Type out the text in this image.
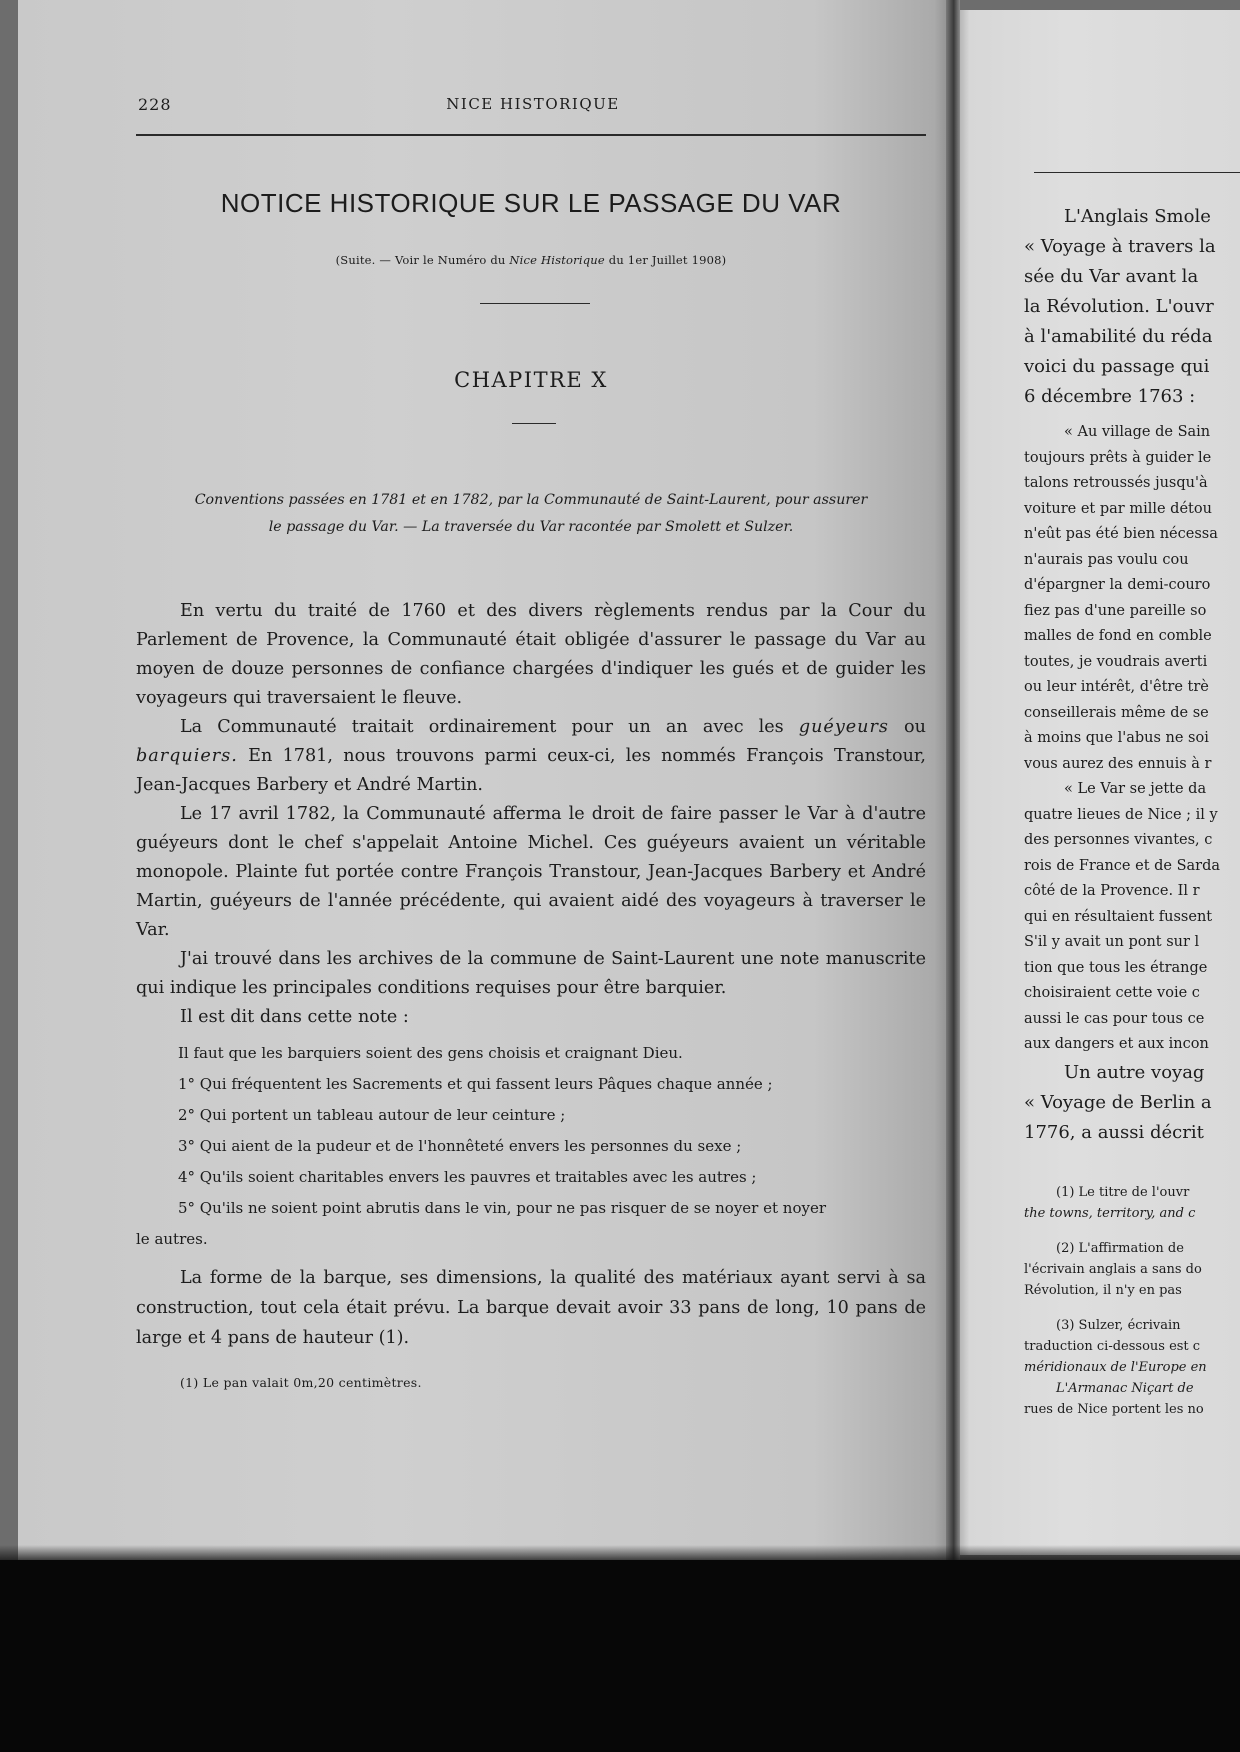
L'Anglais Smole
« Voyage à travers la
sée du Var avant la
la Révolution. L'ouvr
à l'amabilité du réda
voici du passage qui
6 décembre 1763 :
« Au village de Sain
toujours prêts à guider le
talons retroussés jusqu'à
voiture et par mille détou
n'eût pas été bien nécessa
n'aurais pas voulu cou
d'épargner la demi-couro
fiez pas d'une pareille so
malles de fond en comble
toutes, je voudrais averti
ou leur intérêt, d'être trè
conseillerais même de se
à moins que l'abus ne soi
vous aurez des ennuis à r
« Le Var se jette da
quatre lieues de Nice ; il y
des personnes vivantes, c
rois de France et de Sarda
côté de la Provence. Il r
qui en résultaient fussent
S'il y avait un pont sur l
tion que tous les étrange
choisiraient cette voie c
aussi le cas pour tous ce
aux dangers et aux incon
Un autre voyag
« Voyage de Berlin a
1776, a aussi décrit
(1) Le titre de l'ouvr
the towns, territory, and c
(2) L'affirmation de
l'écrivain anglais a sans do
Révolution, il n'y en pas
(3) Sulzer, écrivain
traduction ci-dessous est c
méridionaux de l'Europe en
L'Armanac Niçart de
rues de Nice portent les no
228	NICE HISTORIQUE
NOTICE HISTORIQUE SUR LE PASSAGE DU VAR
(Suite. — Voir le Numéro du Nice Historique du 1er Juillet 1908)
CHAPITRE X
Conventions passées en 1781 et en 1782, par la Communauté de Saint-Laurent, pour assurer
le passage du Var. — La traversée du Var racontée par Smolett et Sulzer.

En vertu du traité de 1760 et des divers règlements rendus par la Cour du Parlement de Provence, la Communauté était obligée d'assurer le passage du Var au moyen de douze personnes de confiance chargées d'indiquer les gués et de guider les voyageurs qui traversaient le fleuve.

La Communauté traitait ordinairement pour un an avec les guéyeurs ou barquiers. En 1781, nous trouvons parmi ceux-ci, les nommés François Transtour, Jean-Jacques Barbery et André Martin.

Le 17 avril 1782, la Communauté afferma le droit de faire passer le Var à d'autre guéyeurs dont le chef s'appelait Antoine Michel. Ces guéyeurs avaient un véritable monopole. Plainte fut portée contre François Transtour, Jean-Jacques Barbery et André Martin, guéyeurs de l'année précédente, qui avaient aidé des voyageurs à traverser le Var.

J'ai trouvé dans les archives de la commune de Saint-Laurent une note manuscrite qui indique les principales conditions requises pour être barquier.

Il est dit dans cette note :

Il faut que les barquiers soient des gens choisis et craignant Dieu.

1° Qui fréquentent les Sacrements et qui fassent leurs Pâques chaque année ;

2° Qui portent un tableau autour de leur ceinture ;

3° Qui aient de la pudeur et de l'honnêteté envers les personnes du sexe ;

4° Qu'ils soient charitables envers les pauvres et traitables avec les autres ;

5° Qu'ils ne soient point abrutis dans le vin, pour ne pas risquer de se noyer et noyer

le autres.

La forme de la barque, ses dimensions, la qualité des matériaux ayant servi à sa construction, tout cela était prévu. La barque devait avoir 33 pans de long, 10 pans de large et 4 pans de hauteur (1).

(1) Le pan valait 0m,20 centimètres.
